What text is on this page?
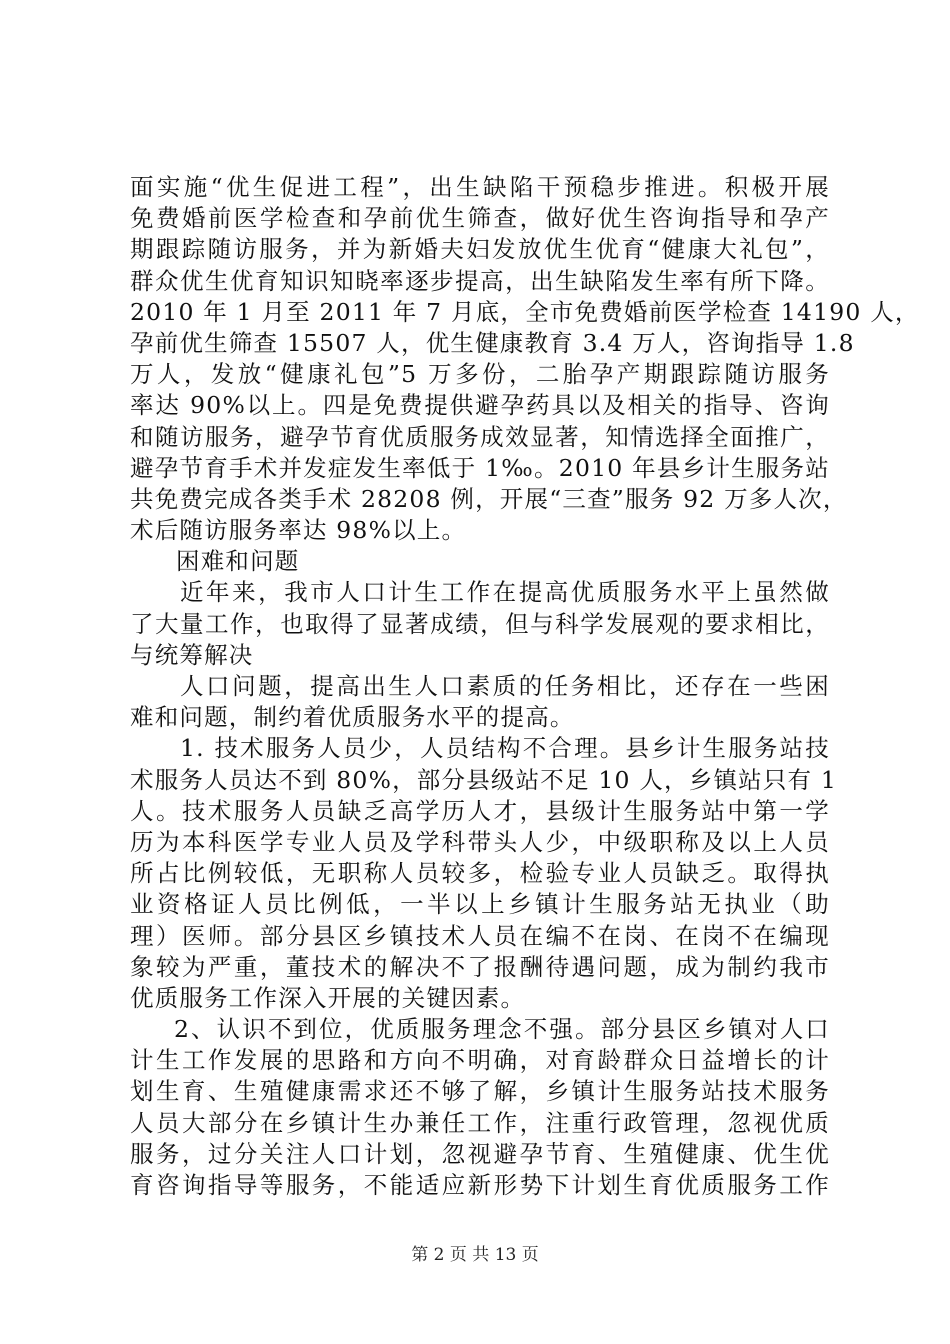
面实施“优生促进工程”，出生缺陷干预稳步推进。积极开展
免费婚前医学检查和孕前优生筛查，做好优生咨询指导和孕产
期跟踪随访服务，并为新婚夫妇发放优生优育“健康大礼包”，
群众优生优育知识知晓率逐步提高，出生缺陷发生率有所下降。
2010 年 1 月至 2011 年 7 月底，全市免费婚前医学检查 14190 人，
孕前优生筛查 15507 人，优生健康教育 3.4 万人，咨询指导 1.8
万人，发放“健康礼包”5 万多份，二胎孕产期跟踪随访服务
率达 90%以上。四是免费提供避孕药具以及相关的指导、咨询
和随访服务，避孕节育优质服务成效显著，知情选择全面推广，
避孕节育手术并发症发生率低于 1‰。2010 年县乡计生服务站
共免费完成各类手术 28208 例，开展“三查”服务 92 万多人次，
术后随访服务率达 98%以上。
困难和问题
近年来，我市人口计生工作在提高优质服务水平上虽然做
了大量工作，也取得了显著成绩，但与科学发展观的要求相比，
与统筹解决
人口问题，提高出生人口素质的任务相比，还存在一些困
难和问题，制约着优质服务水平的提高。
1. 技术服务人员少，人员结构不合理。县乡计生服务站技
术服务人员达不到 80%，部分县级站不足 10 人，乡镇站只有 1
人。技术服务人员缺乏高学历人才，县级计生服务站中第一学
历为本科医学专业人员及学科带头人少，中级职称及以上人员
所占比例较低，无职称人员较多，检验专业人员缺乏。取得执
业资格证人员比例低，一半以上乡镇计生服务站无执业（助
理）医师。部分县区乡镇技术人员在编不在岗、在岗不在编现
象较为严重，董技术的解决不了报酬待遇问题，成为制约我市
优质服务工作深入开展的关键因素。
2、认识不到位，优质服务理念不强。部分县区乡镇对人口
计生工作发展的思路和方向不明确，对育龄群众日益增长的计
划生育、生殖健康需求还不够了解，乡镇计生服务站技术服务
人员大部分在乡镇计生办兼任工作，注重行政管理，忽视优质
服务，过分关注人口计划，忽视避孕节育、生殖健康、优生优
育咨询指导等服务，不能适应新形势下计划生育优质服务工作
第 2 页 共 13 页
